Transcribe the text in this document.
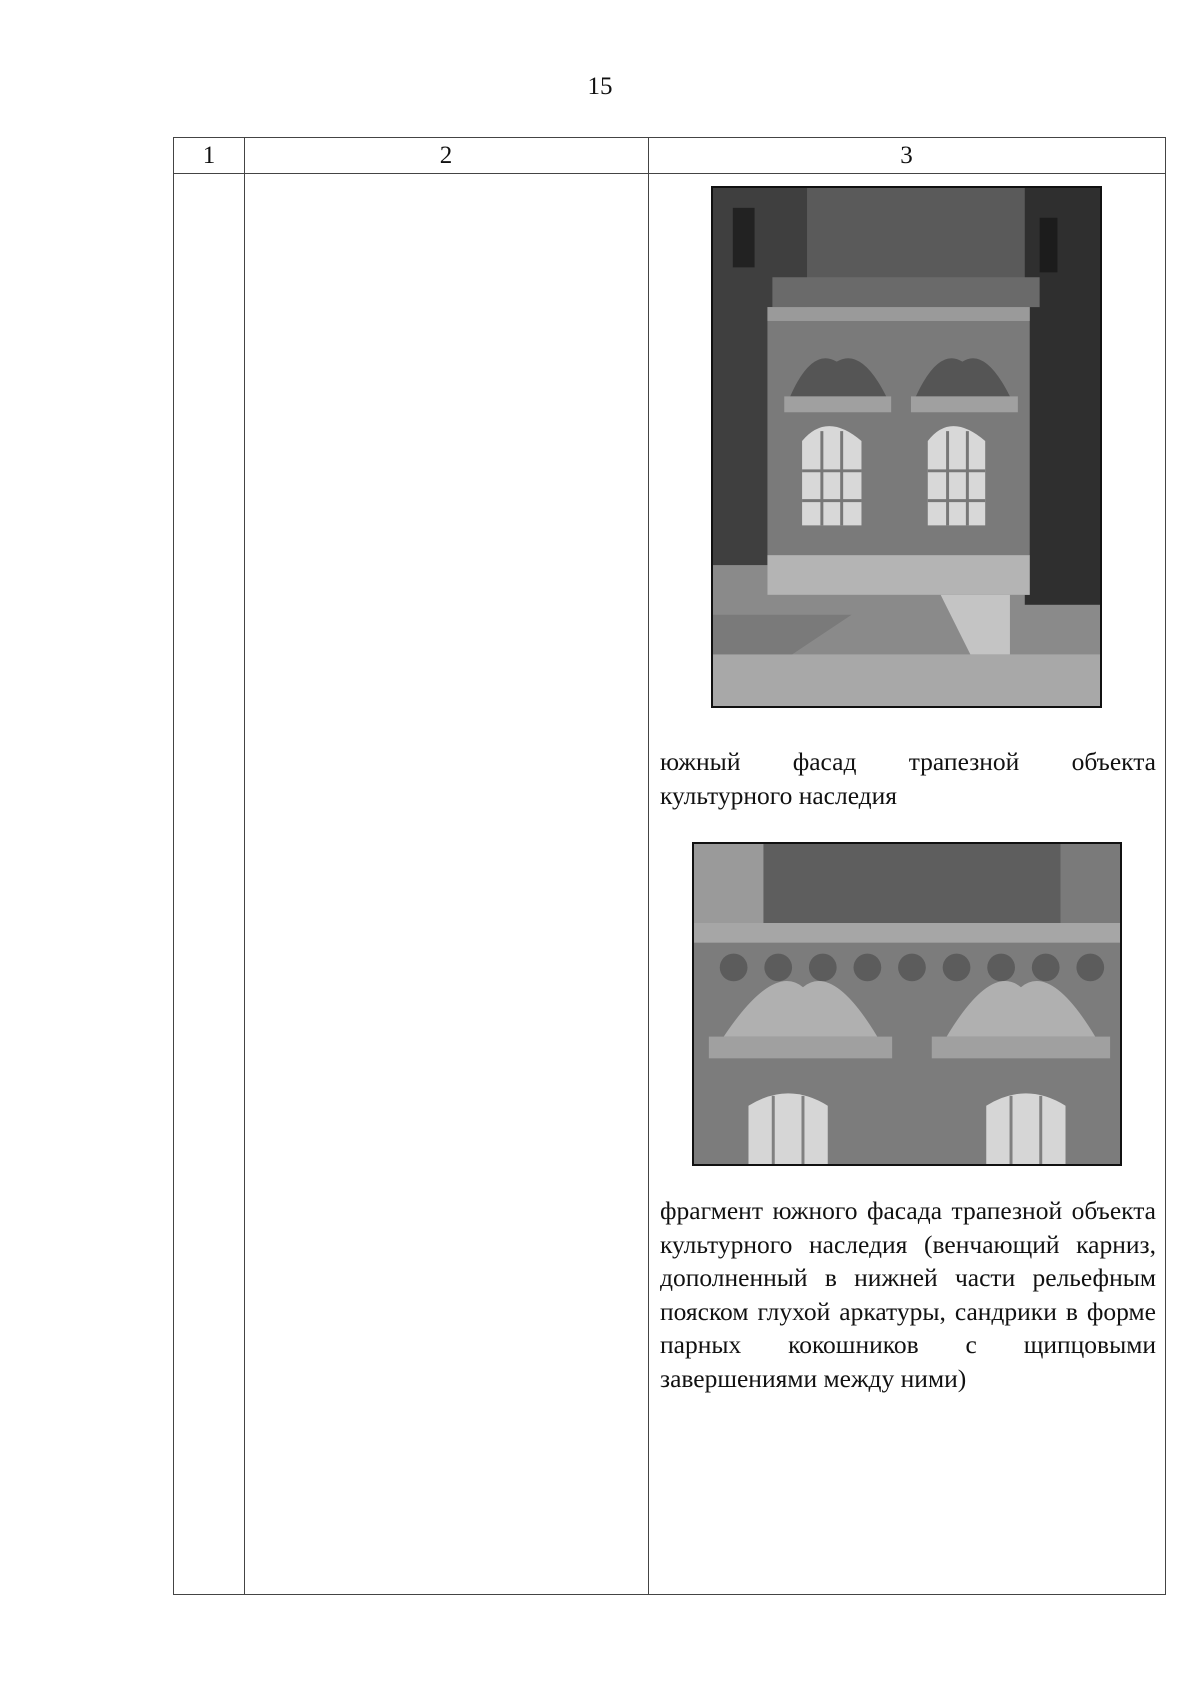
15
1	2	3
южный фасад трапезной объекта культурного наследия
фрагмент южного фасада трапезной объекта культурного наследия (венчающий карниз, дополненный в нижней части рельефным пояском глухой аркатуры, сандрики в форме парных кокошников с щипцовыми завершениями между ними)
